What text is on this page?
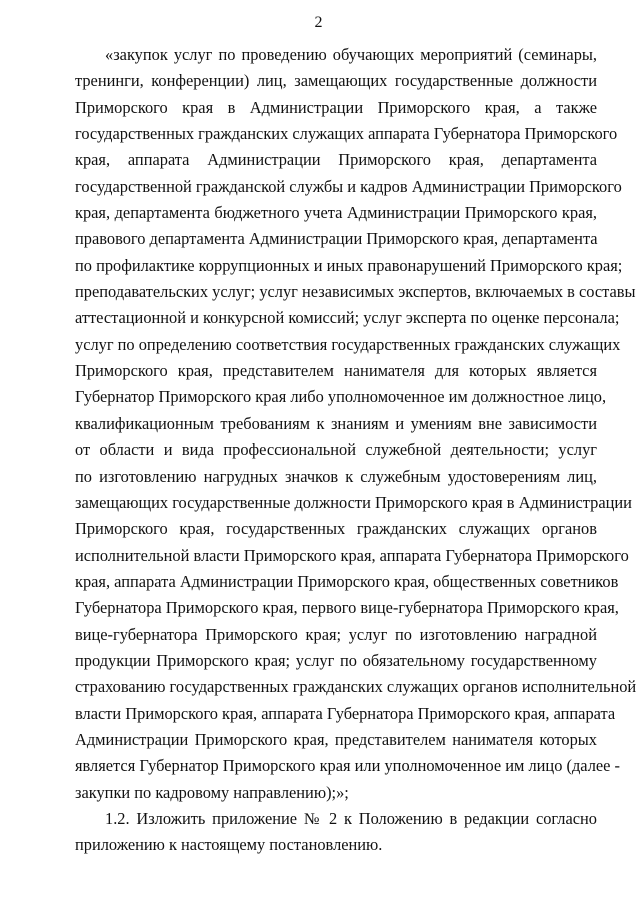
2
«закупок услуг по проведению обучающих мероприятий (семинары,
тренинги, конференции) лиц, замещающих государственные должности
Приморского края в Администрации Приморского края, а также
государственных гражданских служащих аппарата Губернатора Приморского
края, аппарата Администрации Приморского края, департамента
государственной гражданской службы и кадров Администрации Приморского
края, департамента бюджетного учета Администрации Приморского края,
правового департамента Администрации Приморского края, департамента
по профилактике коррупционных и иных правонарушений Приморского края;
преподавательских услуг; услуг независимых экспертов, включаемых в составы
аттестационной и конкурсной комиссий; услуг эксперта по оценке персонала;
услуг по определению соответствия государственных гражданских служащих
Приморского края, представителем нанимателя для которых является
Губернатор Приморского края либо уполномоченное им должностное лицо,
квалификационным требованиям к знаниям и умениям вне зависимости
от области и вида профессиональной служебной деятельности; услуг
по изготовлению нагрудных значков к служебным удостоверениям лиц,
замещающих государственные должности Приморского края в Администрации
Приморского края, государственных гражданских служащих органов
исполнительной власти Приморского края, аппарата Губернатора Приморского
края, аппарата Администрации Приморского края, общественных советников
Губернатора Приморского края, первого вице-губернатора Приморского края,
вице-губернатора Приморского края; услуг по изготовлению наградной
продукции Приморского края; услуг по обязательному государственному
страхованию государственных гражданских служащих органов исполнительной
власти Приморского края, аппарата Губернатора Приморского края, аппарата
Администрации Приморского края, представителем нанимателя которых
является Губернатор Приморского края или уполномоченное им лицо (далее -
закупки по кадровому направлению);»;
1.2. Изложить приложение № 2 к Положению в редакции согласно
приложению к настоящему постановлению.
